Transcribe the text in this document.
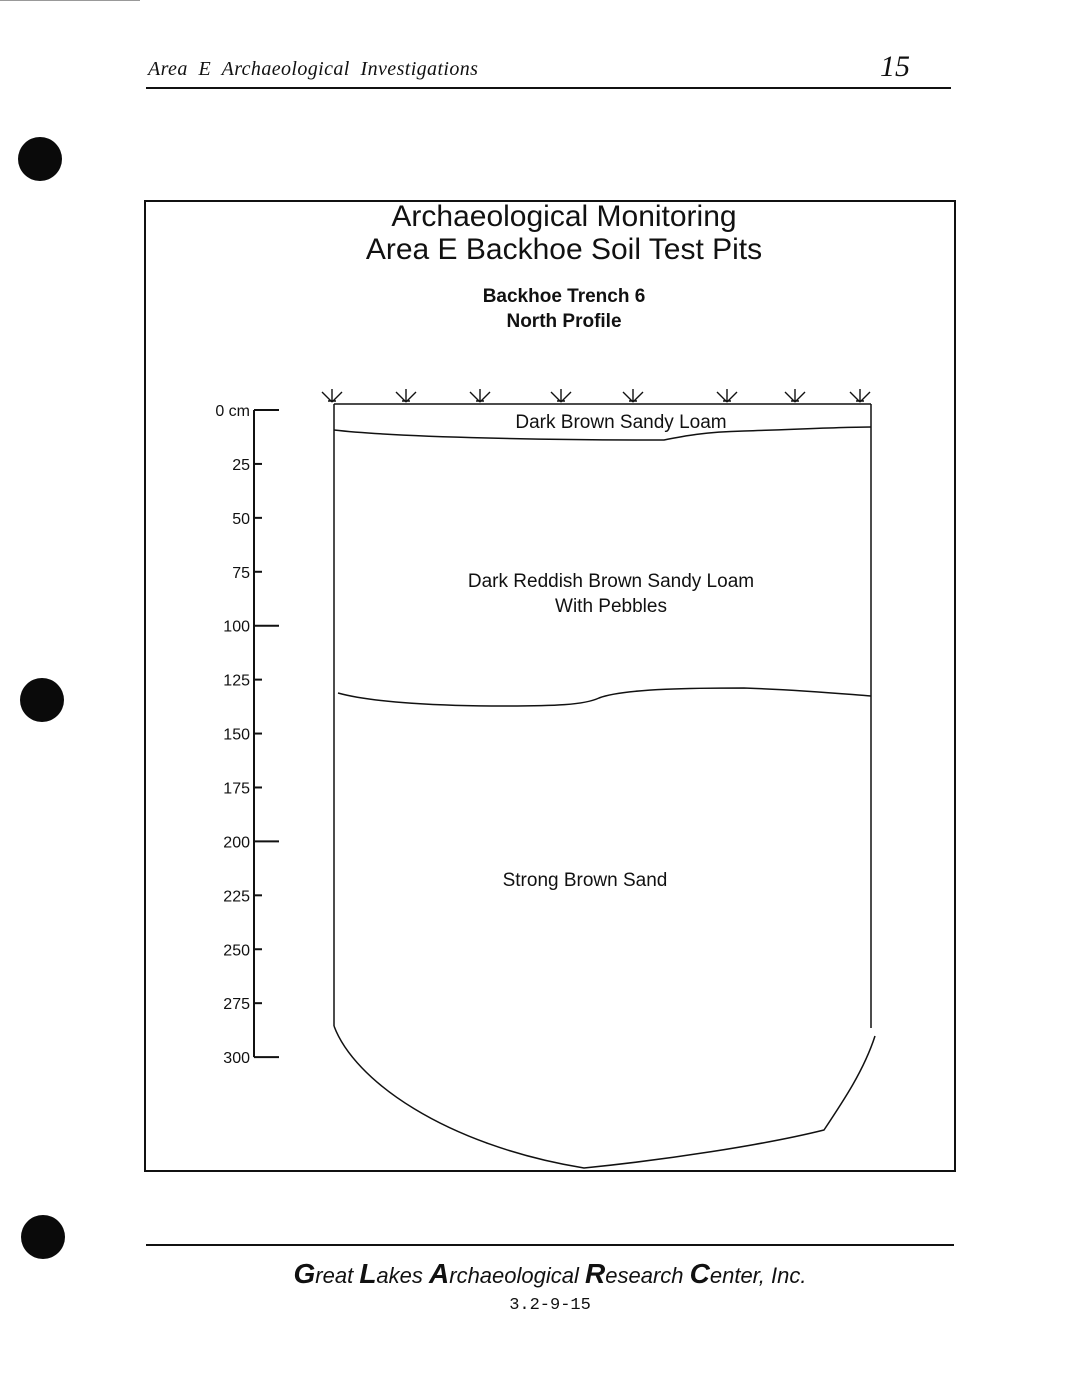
Area  E  Archaeological  Investigations	15
Archaeological Monitoring
Area E Backhoe Soil Test Pits
Backhoe Trench 6
North Profile
0 cm
25
50
75
100
125
150
175
200
225
250
275
300
Dark Brown Sandy Loam
Dark Reddish Brown Sandy Loam
With Pebbles
Strong Brown Sand
Great Lakes Archaeological Research Center, Inc.
3.2-9-15
